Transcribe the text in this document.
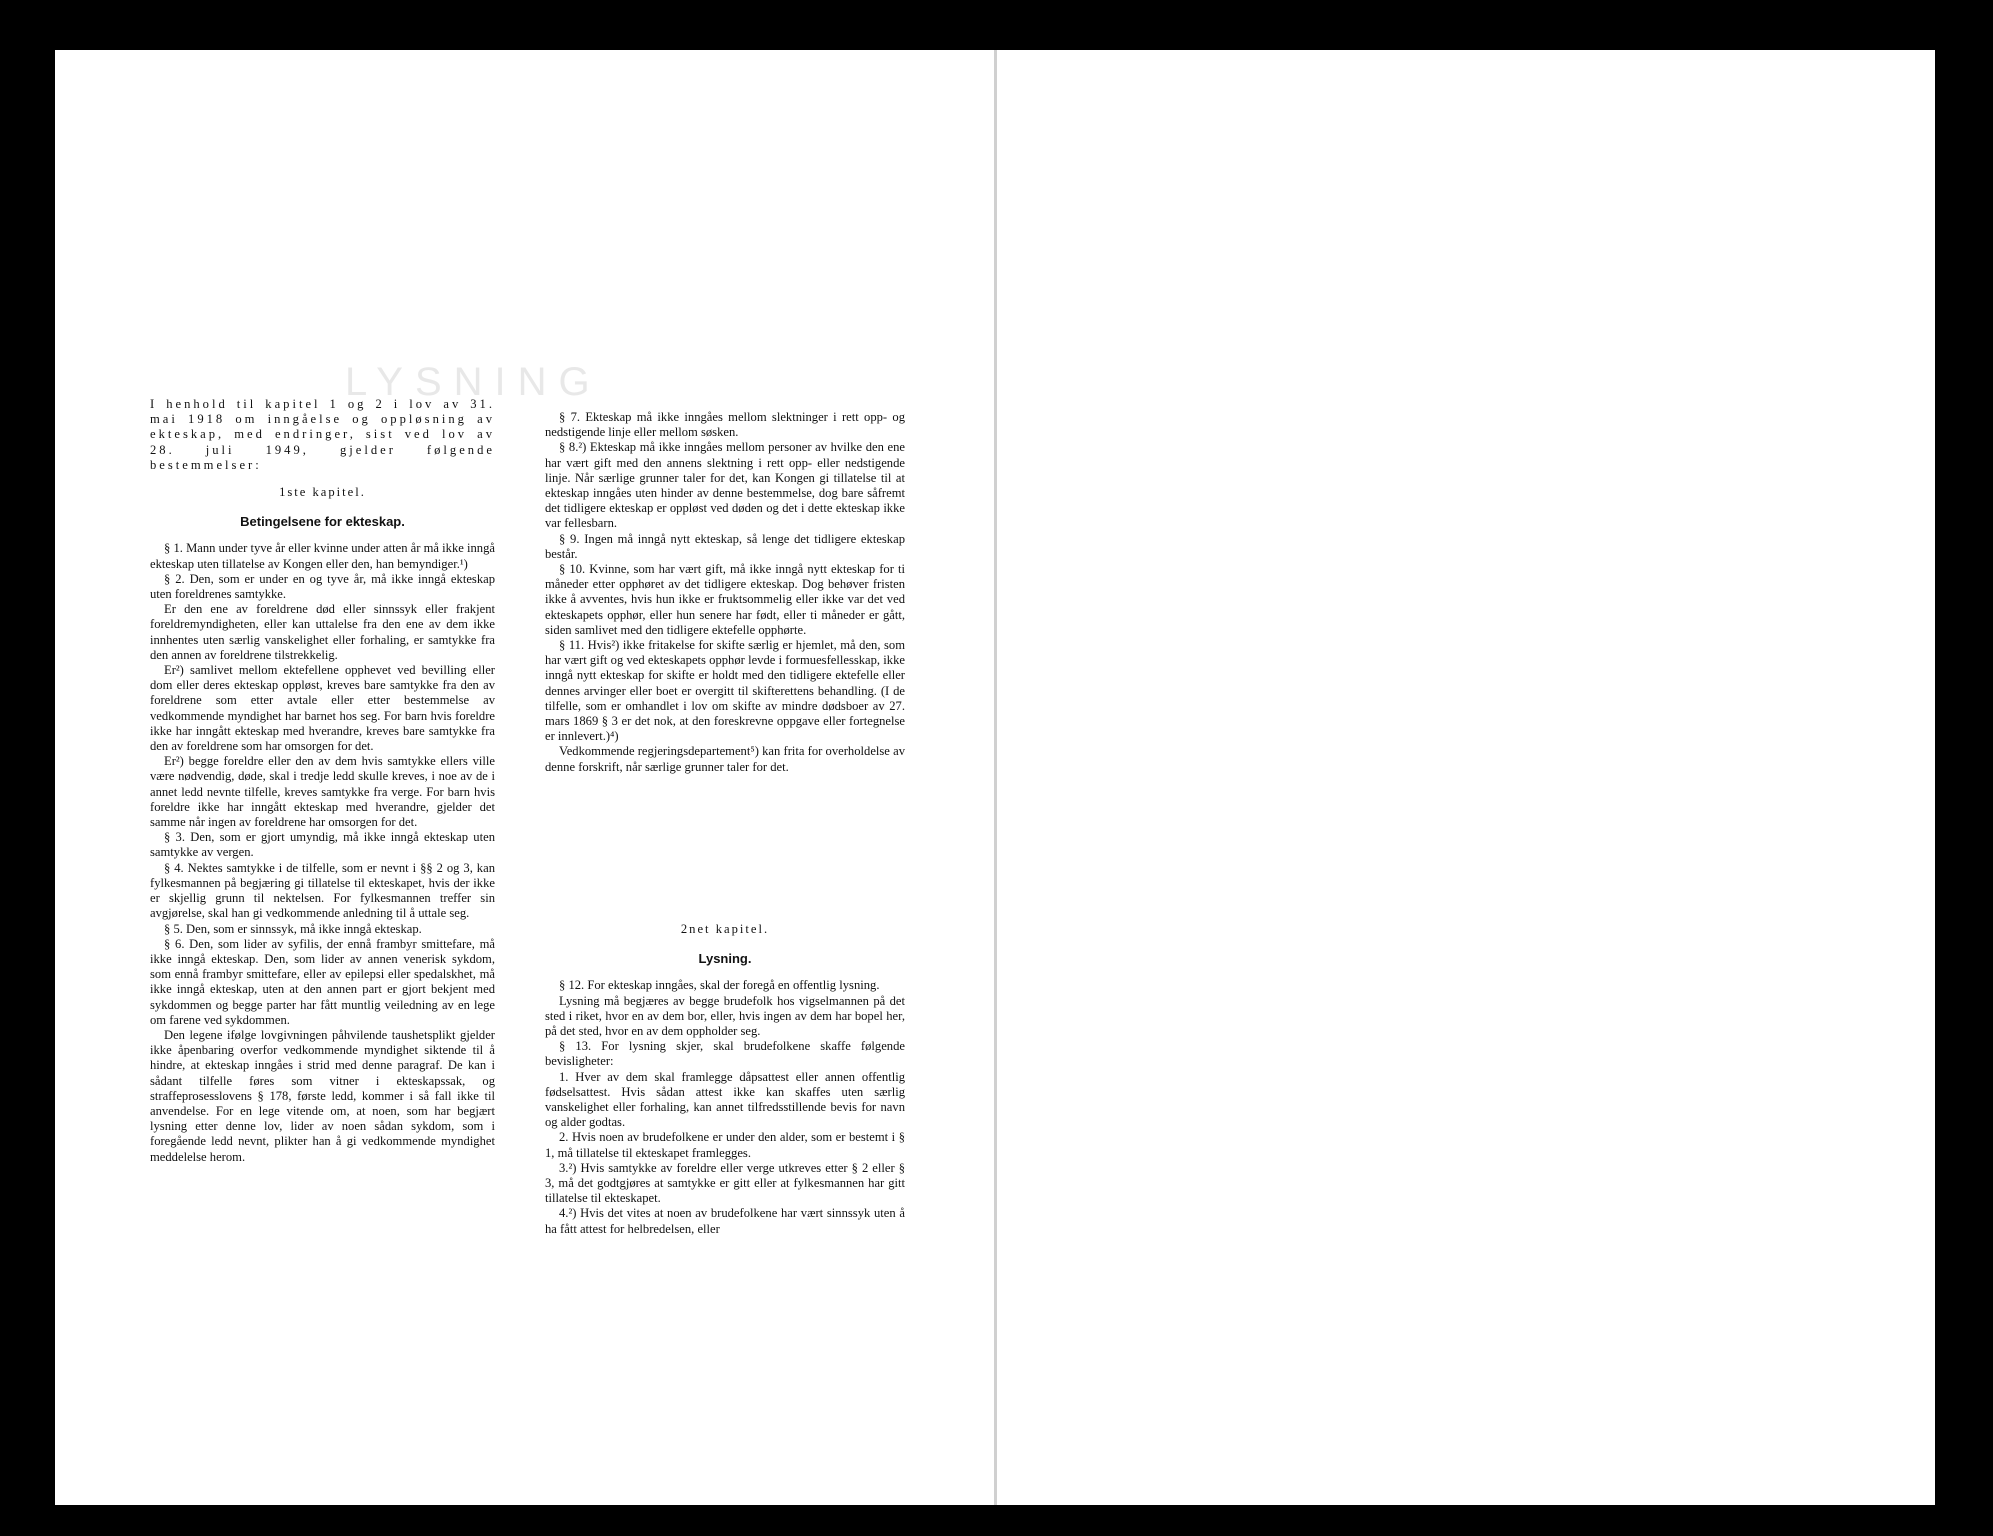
LYSNING

I henhold til kapitel 1 og 2 i lov av 31. mai 1918 om inngåelse og oppløsning av ekteskap, med endringer, sist ved lov av 28. juli 1949, gjelder følgende bestemmelser:

1ste kapitel.
Betingelsene for ekteskap.

§ 1. Mann under tyve år eller kvinne under atten år må ikke inngå ekteskap uten tillatelse av Kongen eller den, han bemyndiger.¹)

§ 2. Den, som er under en og tyve år, må ikke inngå ekteskap uten foreldrenes samtykke.

Er den ene av foreldrene død eller sinnssyk eller frakjent foreldremyndigheten, eller kan uttalelse fra den ene av dem ikke innhentes uten særlig vanskelighet eller forhaling, er samtykke fra den annen av foreldrene tilstrekkelig.

Er²) samlivet mellom ektefellene opphevet ved bevilling eller dom eller deres ekteskap oppløst, kreves bare samtykke fra den av foreldrene som etter avtale eller etter bestemmelse av vedkommende myndighet har barnet hos seg. For barn hvis foreldre ikke har inngått ekteskap med hverandre, kreves bare samtykke fra den av foreldrene som har omsorgen for det.

Er²) begge foreldre eller den av dem hvis samtykke ellers ville være nødvendig, døde, skal i tredje ledd skulle kreves, i noe av de i annet ledd nevnte tilfelle, kreves samtykke fra verge. For barn hvis foreldre ikke har inngått ekteskap med hverandre, gjelder det samme når ingen av foreldrene har omsorgen for det.

§ 3. Den, som er gjort umyndig, må ikke inngå ekteskap uten samtykke av vergen.

§ 4. Nektes samtykke i de tilfelle, som er nevnt i §§ 2 og 3, kan fylkesmannen på begjæring gi tillatelse til ekteskapet, hvis der ikke er skjellig grunn til nektelsen. For fylkesmannen treffer sin avgjørelse, skal han gi vedkommende anledning til å uttale seg.

§ 5. Den, som er sinnssyk, må ikke inngå ekteskap.

§ 6. Den, som lider av syfilis, der ennå frambyr smittefare, må ikke inngå ekteskap. Den, som lider av annen venerisk sykdom, som ennå frambyr smittefare, eller av epilepsi eller spedalskhet, må ikke inngå ekteskap, uten at den annen part er gjort bekjent med sykdommen og begge parter har fått muntlig veiledning av en lege om farene ved sykdommen.

Den legene ifølge lovgivningen påhvilende taushetsplikt gjelder ikke åpenbaring overfor vedkommende myndighet siktende til å hindre, at ekteskap inngåes i strid med denne paragraf. De kan i sådant tilfelle føres som vitner i ekteskapssak, og straffeprosesslovens § 178, første ledd, kommer i så fall ikke til anvendelse. For en lege vitende om, at noen, som har begjært lysning etter denne lov, lider av noen sådan sykdom, som i foregående ledd nevnt, plikter han å gi vedkommende myndighet meddelelse herom.

§ 7. Ekteskap må ikke inngåes mellom slektninger i rett opp- og nedstigende linje eller mellom søsken.

§ 8.²) Ekteskap må ikke inngåes mellom personer av hvilke den ene har vært gift med den annens slektning i rett opp- eller nedstigende linje. Når særlige grunner taler for det, kan Kongen gi tillatelse til at ekteskap inngåes uten hinder av denne bestemmelse, dog bare såfremt det tidligere ekteskap er oppløst ved døden og det i dette ekteskap ikke var fellesbarn.

§ 9. Ingen må inngå nytt ekteskap, så lenge det tidligere ekteskap består.

§ 10. Kvinne, som har vært gift, må ikke inngå nytt ekteskap for ti måneder etter opphøret av det tidligere ekteskap. Dog behøver fristen ikke å avventes, hvis hun ikke er fruktsommelig eller ikke var det ved ekteskapets opphør, eller hun senere har født, eller ti måneder er gått, siden samlivet med den tidligere ektefelle opphørte.

§ 11. Hvis²) ikke fritakelse for skifte særlig er hjemlet, må den, som har vært gift og ved ekteskapets opphør levde i formuesfellesskap, ikke inngå nytt ekteskap for skifte er holdt med den tidligere ektefelle eller dennes arvinger eller boet er overgitt til skifterettens behandling. (I de tilfelle, som er omhandlet i lov om skifte av mindre dødsboer av 27. mars 1869 § 3 er det nok, at den foreskrevne oppgave eller fortegnelse er innlevert.)⁴)

Vedkommende regjeringsdepartement⁵) kan frita for overholdelse av denne forskrift, når særlige grunner taler for det.

2net kapitel.
Lysning.

§ 12. For ekteskap inngåes, skal der foregå en offentlig lysning.

Lysning må begjæres av begge brudefolk hos vigselmannen på det sted i riket, hvor en av dem bor, eller, hvis ingen av dem har bopel her, på det sted, hvor en av dem oppholder seg.

§ 13. For lysning skjer, skal brudefolkene skaffe følgende bevisligheter:

1. Hver av dem skal framlegge dåpsattest eller annen offentlig fødselsattest. Hvis sådan attest ikke kan skaffes uten særlig vanskelighet eller forhaling, kan annet tilfredsstillende bevis for navn og alder godtas.

2. Hvis noen av brudefolkene er under den alder, som er bestemt i § 1, må tillatelse til ekteskapet framlegges.

3.²) Hvis samtykke av foreldre eller verge utkreves etter § 2 eller § 3, må det godtgjøres at samtykke er gitt eller at fylkesmannen har gitt tillatelse til ekteskapet.

4.²) Hvis det vites at noen av brudefolkene har vært sinnssyk uten å ha fått attest for helbredelsen, eller
